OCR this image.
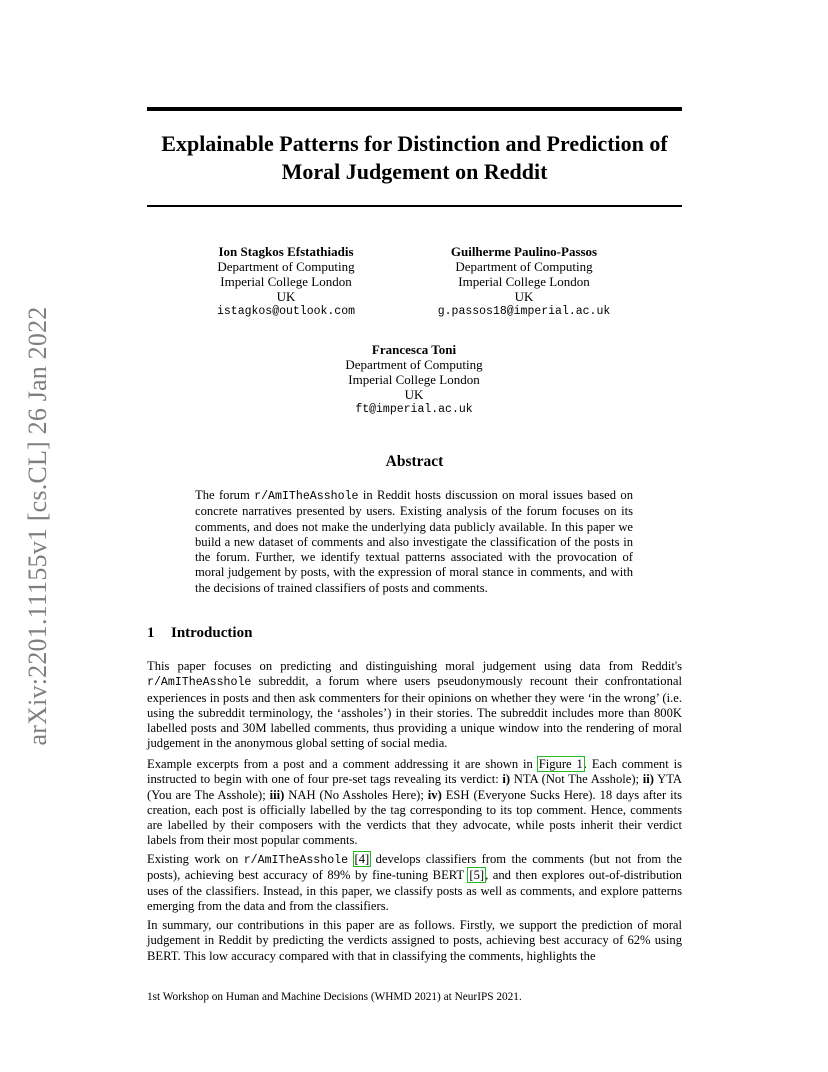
arXiv:2201.11155v1 [cs.CL] 26 Jan 2022
Explainable Patterns for Distinction and Prediction of
Moral Judgement on Reddit
Ion Stagkos Efstathiadis
Department of Computing
Imperial College London
UK
istagkos@outlook.com
Guilherme Paulino-Passos
Department of Computing
Imperial College London
UK
g.passos18@imperial.ac.uk
Francesca Toni
Department of Computing
Imperial College London
UK
ft@imperial.ac.uk
Abstract

The forum r/AmITheAsshole in Reddit hosts discussion on moral issues based on concrete narratives presented by users. Existing analysis of the forum focuses on its comments, and does not make the underlying data publicly available. In this paper we build a new dataset of comments and also investigate the classification of the posts in the forum. Further, we identify textual patterns associated with the provocation of moral judgement by posts, with the expression of moral stance in comments, and with the decisions of trained classifiers of posts and comments.

1 Introduction

This paper focuses on predicting and distinguishing moral judgement using data from Reddit's r/AmITheAsshole subreddit, a forum where users pseudonymously recount their confrontational experiences in posts and then ask commenters for their opinions on whether they were ‘in the wrong’ (i.e. using the subreddit terminology, the ‘assholes’) in their stories. The subreddit includes more than 800K labelled posts and 30M labelled comments, thus providing a unique window into the rendering of moral judgement in the anonymous global setting of social media.

Example excerpts from a post and a comment addressing it are shown in Figure 1. Each comment is instructed to begin with one of four pre-set tags revealing its verdict: i) NTA (Not The Asshole); ii) YTA (You are The Asshole); iii) NAH (No Assholes Here); iv) ESH (Everyone Sucks Here). 18 days after its creation, each post is officially labelled by the tag corresponding to its top comment. Hence, comments are labelled by their composers with the verdicts that they advocate, while posts inherit their verdict labels from their most popular comments.

Existing work on r/AmITheAsshole [4] develops classifiers from the comments (but not from the posts), achieving best accuracy of 89% by fine-tuning BERT [5], and then explores out-of-distribution uses of the classifiers. Instead, in this paper, we classify posts as well as comments, and explore patterns emerging from the data and from the classifiers.

In summary, our contributions in this paper are as follows. Firstly, we support the prediction of moral judgement in Reddit by predicting the verdicts assigned to posts, achieving best accuracy of 62% using BERT. This low accuracy compared with that in classifying the comments, highlights the

1st Workshop on Human and Machine Decisions (WHMD 2021) at NeurIPS 2021.
